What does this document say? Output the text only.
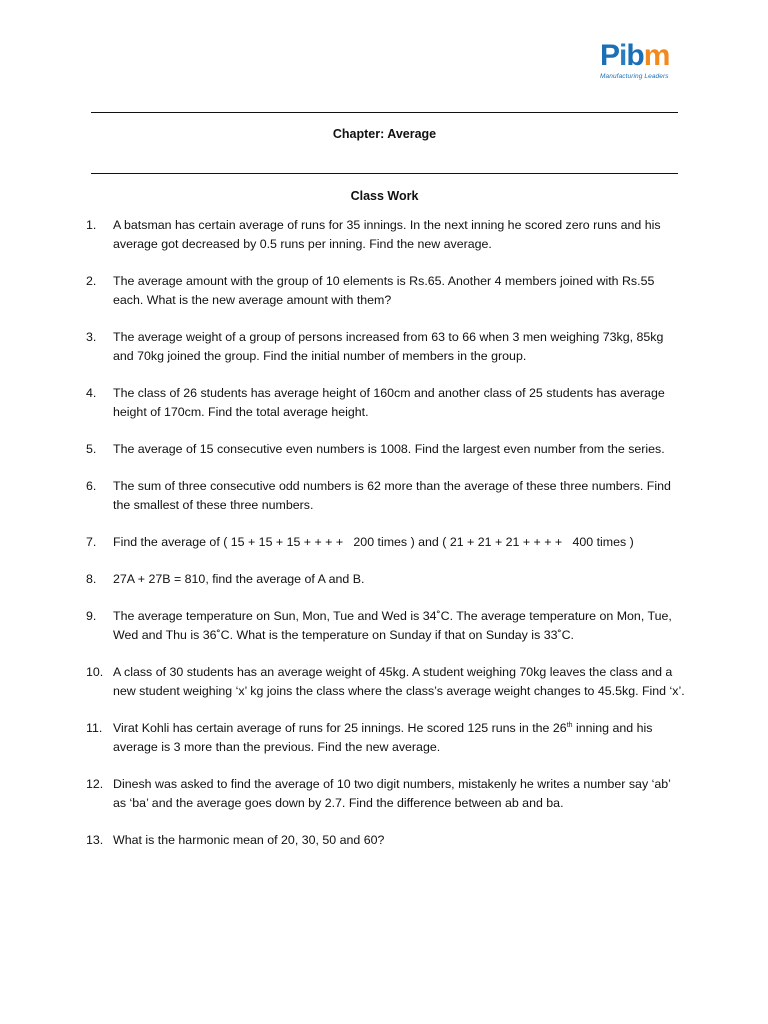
P i b m
Manufacturing Leaders
Chapter: Average
Class Work
1.	A batsman has certain average of runs for 35 innings. In the next inning he scored zero runs and his average got decreased by 0.5 runs per inning. Find the new average.
2.	The average amount with the group of 10 elements is Rs.65. Another 4 members joined with Rs.55 each. What is the new average amount with them?
3.	The average weight of a group of persons increased from 63 to 66 when 3 men weighing 73kg, 85kg and 70kg joined the group. Find the initial number of members in the group.
4.	The class of 26 students has average height of 160cm and another class of 25 students has average height of 170cm. Find the total average height.
5.	The average of 15 consecutive even numbers is 1008. Find the largest even number from the series.
6.	The sum of three consecutive odd numbers is 62 more than the average of these three numbers. Find the smallest of these three numbers.
7.	Find the average of ( 15 + 15 + 15 + + + +   200 times ) and ( 21 + 21 + 21 + + + +   400 times )
8.	27A + 27B = 810, find the average of A and B.
9.	The average temperature on Sun, Mon, Tue and Wed is 34˚C. The average temperature on Mon, Tue, Wed and Thu is 36˚C. What is the temperature on Sunday if that on Sunday is 33˚C.
10. A class of 30 students has an average weight of 45kg. A student weighing 70kg leaves the class and a new student weighing ‘x’ kg joins the class where the class’s average weight changes to 45.5kg. Find ‘x’.
11. Virat Kohli has certain average of runs for 25 innings. He scored 125 runs in the 26th inning and his average is 3 more than the previous. Find the new average.
12. Dinesh was asked to find the average of 10 two digit numbers, mistakenly he writes a number say ‘ab’ as ‘ba’ and the average goes down by 2.7. Find the difference between ab and ba.
13. What is the harmonic mean of 20, 30, 50 and 60?
